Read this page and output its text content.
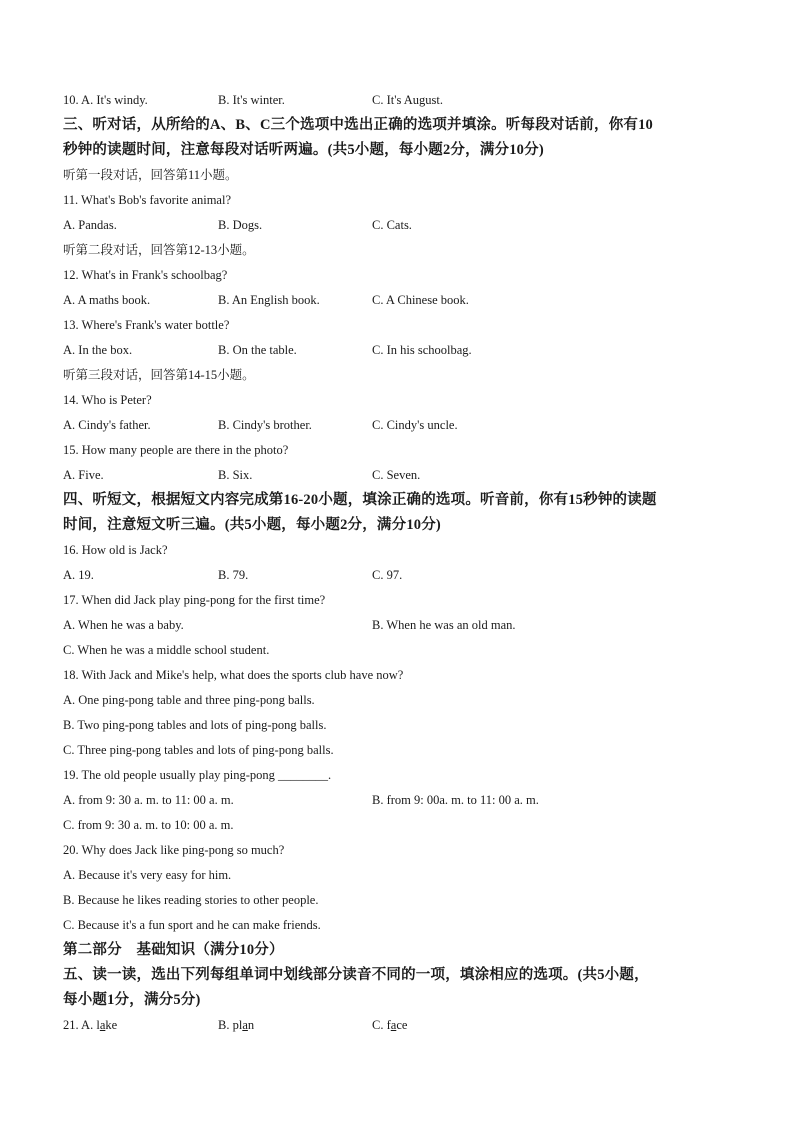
10. A. It's windy.	B. It's winter.	C. It's August.
三、听对话，从所给的A、B、C三个选项中选出正确的选项并填涂。听每段对话前，你有10
秒钟的读题时间，注意每段对话听两遍。(共5小题，每小题2分，满分10分)
听第一段对话，回答第11小题。
11. What's Bob's favorite animal?
A. Pandas.	B. Dogs.	C. Cats.
听第二段对话，回答第12-13小题。
12. What's in Frank's schoolbag?
A. A maths book.	B. An English book.	C. A Chinese book.
13. Where's Frank's water bottle?
A. In the box.	B. On the table.	C. In his schoolbag.
听第三段对话，回答第14-15小题。
14. Who is Peter?
A. Cindy's father.	B. Cindy's brother.	C. Cindy's uncle.
15. How many people are there in the photo?
A. Five.	B. Six.	C. Seven.
四、听短文，根据短文内容完成第16-20小题，填涂正确的选项。听音前，你有15秒钟的读题
时间，注意短文听三遍。(共5小题，每小题2分，满分10分)
16. How old is Jack?
A. 19.	B. 79.	C. 97.
17. When did Jack play ping-pong for the first time?
A. When he was a baby.	B. When he was an old man.
C. When he was a middle school student.
18. With Jack and Mike's help, what does the sports club have now?
A. One ping-pong table and three ping-pong balls.
B. Two ping-pong tables and lots of ping-pong balls.
C. Three ping-pong tables and lots of ping-pong balls.
19. The old people usually play ping-pong ________.
A. from 9: 30 a. m. to 11: 00 a. m.	B. from 9: 00a. m. to 11: 00 a. m.
C. from 9: 30 a. m. to 10: 00 a. m.
20. Why does Jack like ping-pong so much?
A. Because it's very easy for him.
B. Because he likes reading stories to other people.
C. Because it's a fun sport and he can make friends.
第二部分　基础知识（满分10分）
五、读一读，选出下列每组单词中划线部分读音不同的一项，填涂相应的选项。(共5小题，
每小题1分，满分5分)
21. A. lake	B. plan	C. face
